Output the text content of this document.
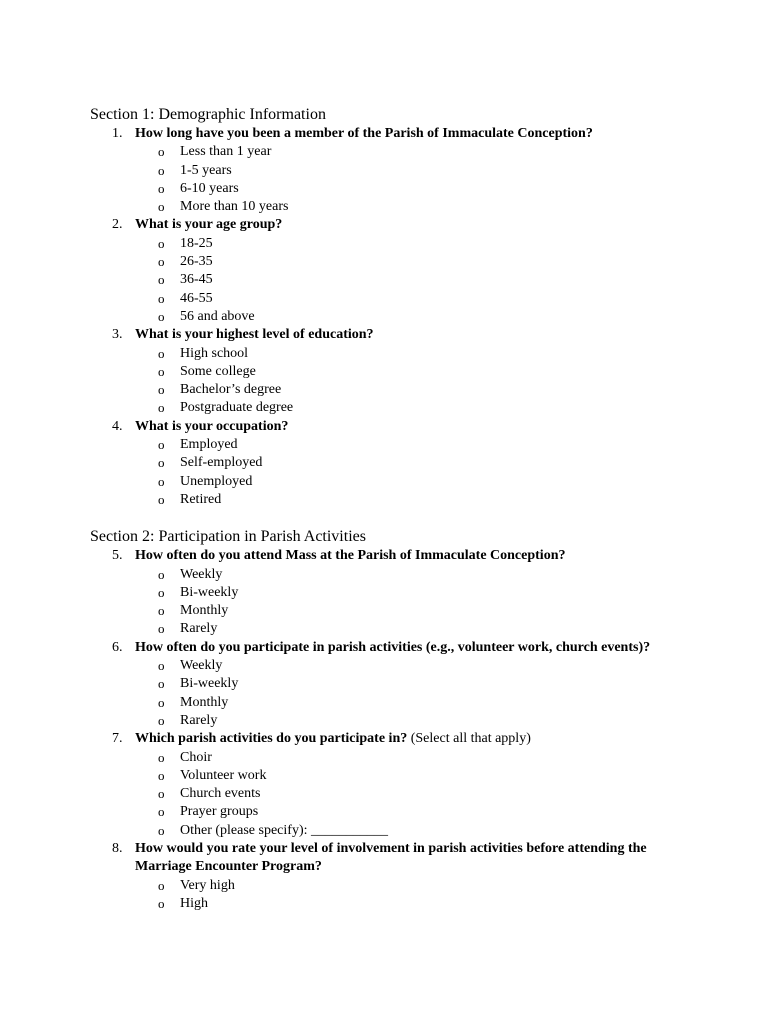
Section 1: Demographic Information
1. How long have you been a member of the Parish of Immaculate Conception?
o Less than 1 year
o 1-5 years
o 6-10 years
o More than 10 years
2. What is your age group?
o 18-25
o 26-35
o 36-45
o 46-55
o 56 and above
3. What is your highest level of education?
o High school
o Some college
o Bachelor’s degree
o Postgraduate degree
4. What is your occupation?
o Employed
o Self-employed
o Unemployed
o Retired
Section 2: Participation in Parish Activities
5. How often do you attend Mass at the Parish of Immaculate Conception?
o Weekly
o Bi-weekly
o Monthly
o Rarely
6. How often do you participate in parish activities (e.g., volunteer work, church events)?
o Weekly
o Bi-weekly
o Monthly
o Rarely
7. Which parish activities do you participate in? (Select all that apply)
o Choir
o Volunteer work
o Church events
o Prayer groups
o Other (please specify): ___________
8. How would you rate your level of involvement in parish activities before attending the Marriage Encounter Program?
o Very high
o High
